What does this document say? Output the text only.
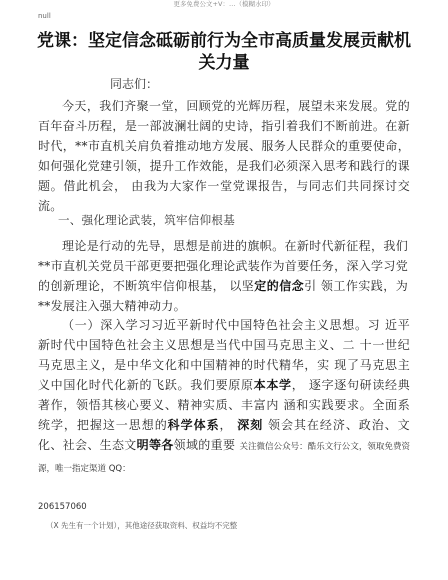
更多免费公文+V：…（模糊水印）
null
党课：坚定信念砥砺前行为全市高质量发展贡献机关力量
同志们：

今天，我们齐聚一堂，回顾党的光辉历程，展望未来发展。党的百年奋斗历程，是一部波澜壮阔的史诗，指引着我们不断前进。在新时代，**市直机关肩负着推动地方发展、服务人民群众的重要使命，如何强化党建引领，提升工作效能，是我们必须深入思考和践行的课题。借此机会， 由我为大家作一堂党课报告，与同志们共同探讨交流。

一、强化理论武装，筑牢信仰根基

理论是行动的先导，思想是前进的旗帜。在新时代新征程，我们**市直机关党员干部更要把强化理论武装作为首要任务，深入学习党的创新理论，不断筑牢信仰根基， 以坚定的信念引 领工作实践，为**发展注入强大精神动力。

（一）深入学习习近平新时代中国特色社会主义思想。习 近平新时代中国特色社会主义思想是当代中国马克思主义、二 十一世纪马克思主义，是中华文化和中国精神的时代精华，实 现了马克思主义中国化时代化新的飞跃。我们要原原本本学， 逐字逐句研读经典著作，领悟其核心要义、精神实质、丰富内 涵和实践要求。全面系统学，把握这一思想的科学体系， 深刻 领会其在经济、政治、文化、社会、生态文明等各领域的重要 关注微信公众号：酷乐文行公文，领取免费资源，唯一指定渠道 QQ：

206157060
（X 先生有一个计划），其他途径获取资料、权益均不完整
